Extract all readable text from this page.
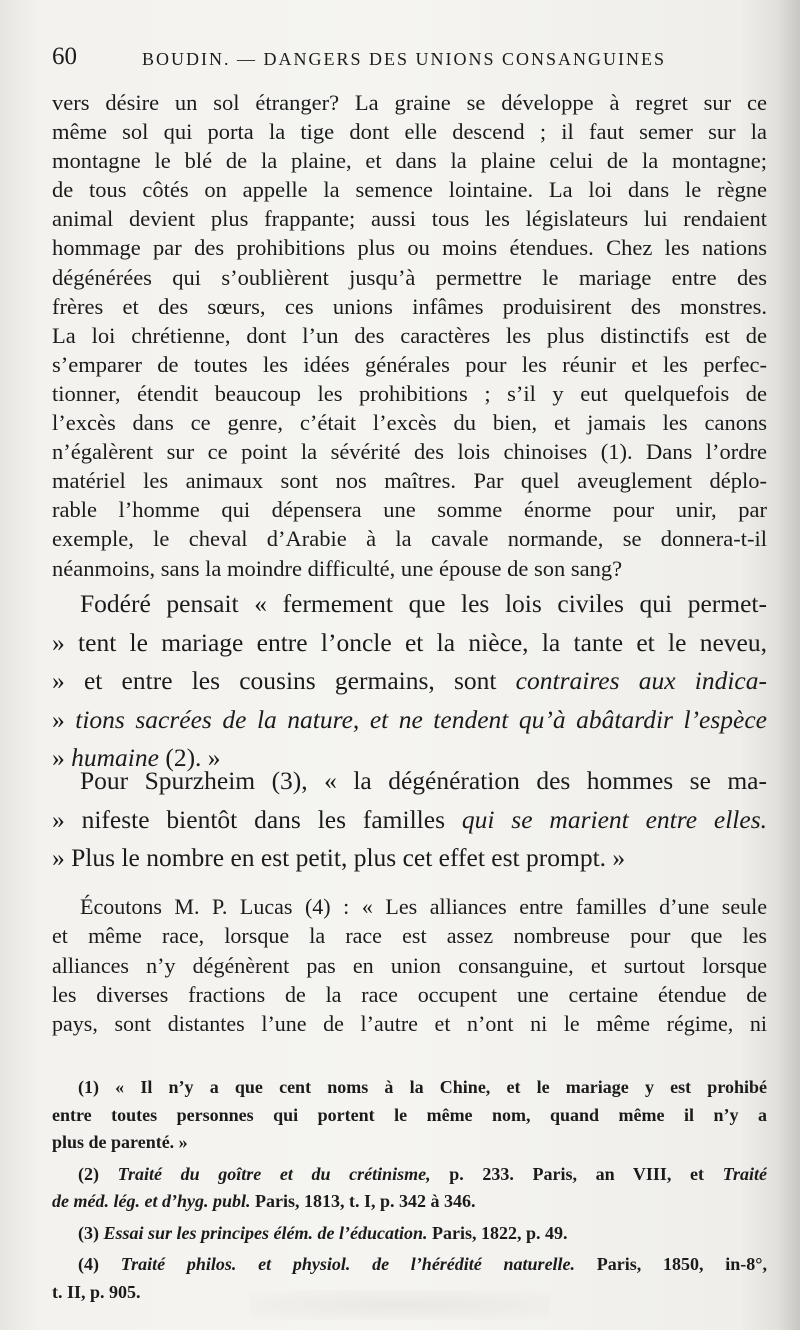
60	BOUDIN. — DANGERS DES UNIONS CONSANGUINES
vers désire un sol étranger? La graine se développe à regret sur ce
même sol qui porta la tige dont elle descend ; il faut semer sur la
montagne le blé de la plaine, et dans la plaine celui de la montagne;
de tous côtés on appelle la semence lointaine. La loi dans le règne
animal devient plus frappante; aussi tous les législateurs lui rendaient
hommage par des prohibitions plus ou moins étendues. Chez les nations
dégénérées qui s’oublièrent jusqu’à permettre le mariage entre des
frères et des sœurs, ces unions infâmes produisirent des monstres.
La loi chrétienne, dont l’un des caractères les plus distinctifs est de
s’emparer de toutes les idées générales pour les réunir et les perfec-
tionner, étendit beaucoup les prohibitions ; s’il y eut quelquefois de
l’excès dans ce genre, c’était l’excès du bien, et jamais les canons
n’égalèrent sur ce point la sévérité des lois chinoises (1). Dans l’ordre
matériel les animaux sont nos maîtres. Par quel aveuglement déplo-
rable l’homme qui dépensera une somme énorme pour unir, par
exemple, le cheval d’Arabie à la cavale normande, se donnera-t-il
néanmoins, sans la moindre difficulté, une épouse de son sang?
Fodéré pensait « fermement que les lois civiles qui permet-
» tent le mariage entre l’oncle et la nièce, la tante et le neveu,
» et entre les cousins germains, sont contraires aux indica-
» tions sacrées de la nature, et ne tendent qu’à abâtardir l’espèce
» humaine (2). »
Pour Spurzheim (3), « la dégénération des hommes se ma-
» nifeste bientôt dans les familles qui se marient entre elles.
» Plus le nombre en est petit, plus cet effet est prompt. »
Écoutons M. P. Lucas (4) : « Les alliances entre familles d’une seule
et même race, lorsque la race est assez nombreuse pour que les
alliances n’y dégénèrent pas en union consanguine, et surtout lorsque
les diverses fractions de la race occupent une certaine étendue de
pays, sont distantes l’une de l’autre et n’ont ni le même régime, ni
(1) « Il n’y a que cent noms à la Chine, et le mariage y est prohibé
entre toutes personnes qui portent le même nom, quand même il n’y a
plus de parenté. »
(2) Traité du goître et du crétinisme, p. 233. Paris, an VIII, et Traité
de méd. lég. et d’hyg. publ. Paris, 1813, t. I, p. 342 à 346.
(3) Essai sur les principes élém. de l’éducation. Paris, 1822, p. 49.
(4) Traité philos. et physiol. de l’hérédité naturelle. Paris, 1850, in-8°,
t. II, p. 905.
